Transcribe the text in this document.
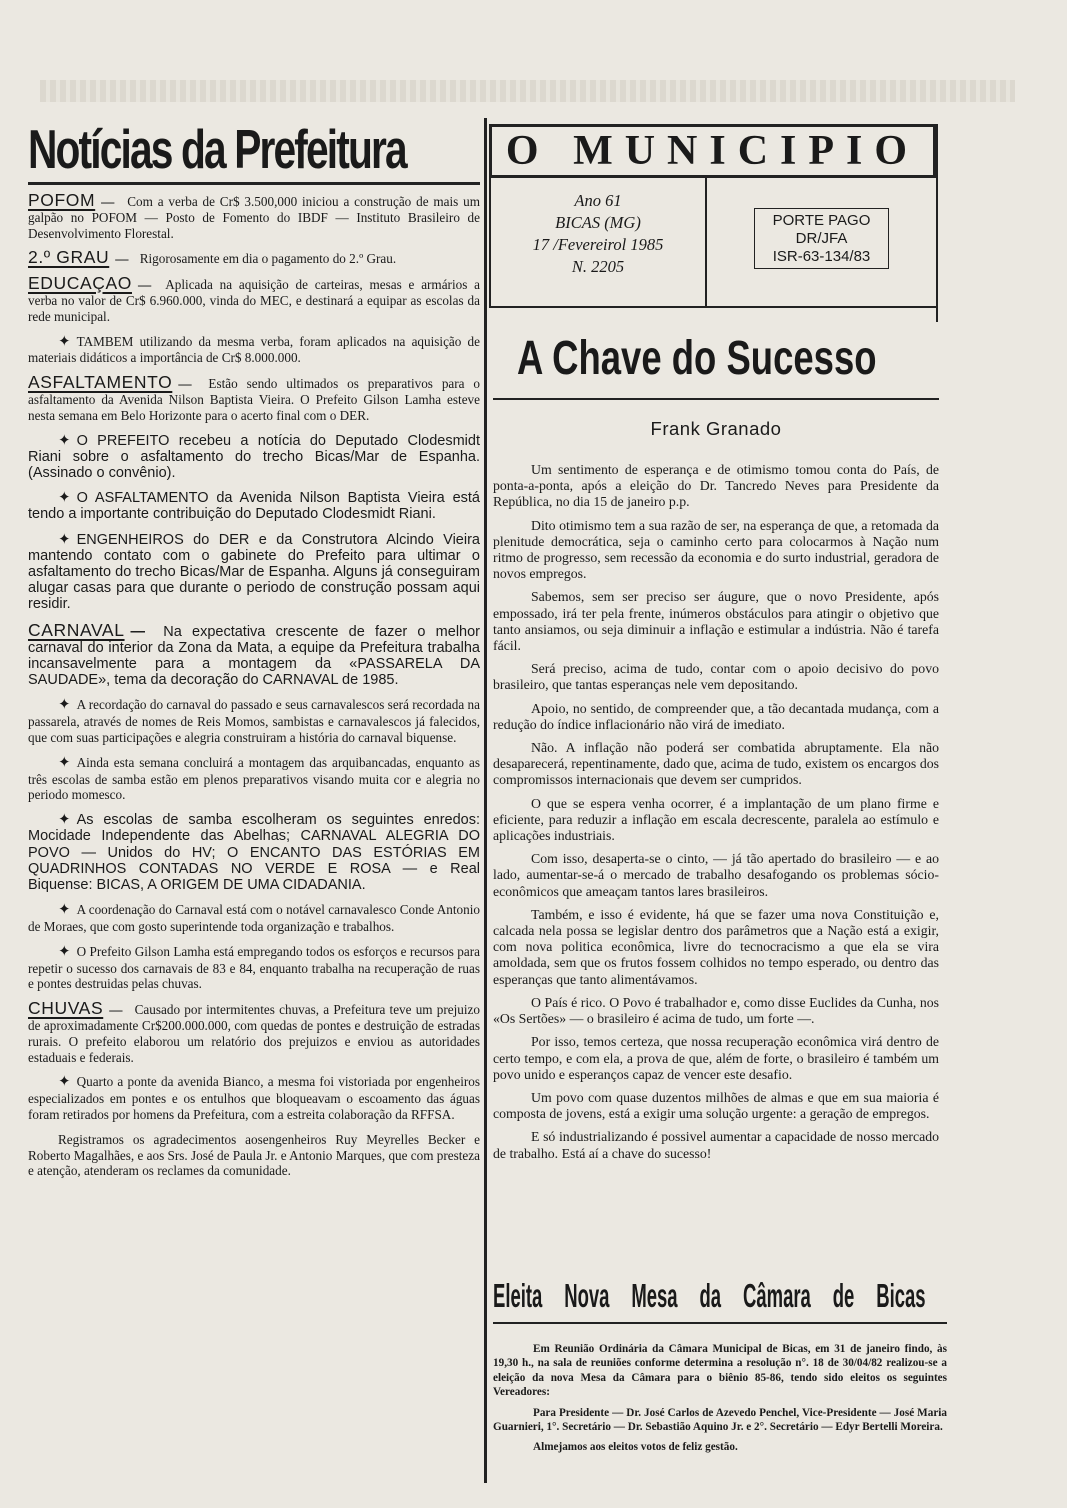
Notícias da Prefeitura

POFOM — Com a verba de Cr$ 3.500,000 iniciou a construção de mais um galpão no POFOM — Posto de Fomento do IBDF — Instituto Brasileiro de Desenvolvimento Florestal.

2.º GRAU — Rigorosamente em dia o pagamento do 2.º Grau.

EDUCAÇAO — Aplicada na aquisição de carteiras, mesas e armários a verba no valor de Cr$ 6.960.000, vinda do MEC, e destinará a equipar as escolas da rede municipal.

✦ TAMBEM utilizando da mesma verba, foram aplicados na aquisição de materiais didáticos a importância de Cr$ 8.000.000.

ASFALTAMENTO — Estão sendo ultimados os preparativos para o asfaltamento da Avenida Nilson Baptista Vieira. O Prefeito Gilson Lamha esteve nesta semana em Belo Horizonte para o acerto final com o DER.

✦ O PREFEITO recebeu a notícia do Deputado Clodesmidt Riani sobre o asfaltamento do trecho Bicas/Mar de Espanha. (Assinado o convênio).

✦ O ASFALTAMENTO da Avenida Nilson Baptista Vieira está tendo a importante contribuição do Deputado Clodesmidt Riani.

✦ ENGENHEIROS do DER e da Construtora Alcindo Vieira mantendo contato com o gabinete do Prefeito para ultimar o asfaltamento do trecho Bicas/Mar de Espanha. Alguns já conseguiram alugar casas para que durante o periodo de construção possam aqui residir.

CARNAVAL — Na expectativa crescente de fazer o melhor carnaval do interior da Zona da Mata, a equipe da Prefeitura trabalha incansavelmente para a montagem da «PASSARELA DA SAUDADE», tema da decoração do CARNAVAL de 1985.

✦ A recordação do carnaval do passado e seus carnavalescos será recordada na passarela, através de nomes de Reis Momos, sambistas e carnavalescos já falecidos, que com suas participações e alegria construiram a história do carnaval biquense.

✦ Ainda esta semana concluirá a montagem das arquibancadas, enquanto as três escolas de samba estão em plenos preparativos visando muita cor e alegria no periodo momesco.

✦ As escolas de samba escolheram os seguintes enredos: Mocidade Independente das Abelhas; CARNAVAL ALEGRIA DO POVO — Unidos do HV; O ENCANTO DAS ESTÓRIAS EM QUADRINHOS CONTADAS NO VERDE E ROSA — e Real Biquense: BICAS, A ORIGEM DE UMA CIDADANIA.

✦ A coordenação do Carnaval está com o notável carnavalesco Conde Antonio de Moraes, que com gosto superintende toda organização e trabalhos.

✦ O Prefeito Gilson Lamha está empregando todos os esforços e recursos para repetir o sucesso dos carnavais de 83 e 84, enquanto trabalha na recuperação de ruas e pontes destruidas pelas chuvas.

CHUVAS — Causado por intermitentes chuvas, a Prefeitura teve um prejuizo de aproximadamente Cr$200.000.000, com quedas de pontes e destruição de estradas rurais. O prefeito elaborou um relatório dos prejuizos e enviou as autoridades estaduais e federais.

✦ Quarto a ponte da avenida Bianco, a mesma foi vistoriada por engenheiros especializados em pontes e os entulhos que bloqueavam o escoamento das águas foram retirados por homens da Prefeitura, com a estreita colaboração da RFFSA.

Registramos os agradecimentos aosengenheiros Ruy Meyrelles Becker e Roberto Magalhães, e aos Srs. José de Paula Jr. e Antonio Marques, que com presteza e atenção, atenderam os reclames da comunidade.

O MUNICIPIO
Ano 61
BICAS (MG)
17 /Fevereirol 1985
N. 2205
PORTE PAGO
DR/JFA
ISR-63-134/83
A Chave do Sucesso
Frank Granado

Um sentimento de esperança e de otimismo tomou conta do País, de ponta-a-ponta, após a eleição do Dr. Tancredo Neves para Presidente da República, no dia 15 de janeiro p.p.

Dito otimismo tem a sua razão de ser, na esperança de que, a retomada da plenitude democrática, seja o caminho certo para colocarmos à Nação num ritmo de progresso, sem recessão da economia e do surto industrial, geradora de novos empregos.

Sabemos, sem ser preciso ser áugure, que o novo Presidente, após empossado, irá ter pela frente, inúmeros obstáculos para atingir o objetivo que tanto ansiamos, ou seja diminuir a inflação e estimular a indústria. Não é tarefa fácil.

Será preciso, acima de tudo, contar com o apoio decisivo do povo brasileiro, que tantas esperanças nele vem depositando.

Apoio, no sentido, de compreender que, a tão decantada mudança, com a redução do índice inflacionário não virá de imediato.

Não. A inflação não poderá ser combatida abruptamente. Ela não desaparecerá, repentinamente, dado que, acima de tudo, existem os encargos dos compromissos internacionais que devem ser cumpridos.

O que se espera venha ocorrer, é a implantação de um plano firme e eficiente, para reduzir a inflação em escala decrescente, paralela ao estímulo e aplicações industriais.

Com isso, desaperta-se o cinto, — já tão apertado do brasileiro — e ao lado, aumentar-se-á o mercado de trabalho desafogando os problemas sócio-econômicos que ameaçam tantos lares brasileiros.

Também, e isso é evidente, há que se fazer uma nova Constituição e, calcada nela possa se legislar dentro dos parâmetros que a Nação está a exigir, com nova politica econômica, livre do tecnocracismo a que ela se vira amoldada, sem que os frutos fossem colhidos no tempo esperado, ou dentro das esperanças que tanto alimentávamos.

O País é rico. O Povo é trabalhador e, como disse Euclides da Cunha, nos «Os Sertões» — o brasileiro é acima de tudo, um forte —.

Por isso, temos certeza, que nossa recuperação econômica virá dentro de certo tempo, e com ela, a prova de que, além de forte, o brasileiro é também um povo unido e esperanços capaz de vencer este desafio.

Um povo com quase duzentos milhões de almas e que em sua maioria é composta de jovens, está a exigir uma solução urgente: a geração de empregos.

E só industrializando é possivel aumentar a capacidade de nosso mercado de trabalho. Está aí a chave do sucesso!

Eleita Nova Mesa da Câmara de Bicas

Em Reunião Ordinária da Câmara Municipal de Bicas, em 31 de janeiro findo, às 19,30 h., na sala de reuniões conforme determina a resolução n°. 18 de 30/04/82 realizou-se a eleição da nova Mesa da Câmara para o biênio 85-86, tendo sido eleitos os seguintes Vereadores:

Para Presidente — Dr. José Carlos de Azevedo Penchel, Vice-Presidente — José Maria Guarnieri, 1°. Secretário — Dr. Sebastião Aquino Jr. e 2°. Secretário — Edyr Bertelli Moreira.

Almejamos aos eleitos votos de feliz gestão.
